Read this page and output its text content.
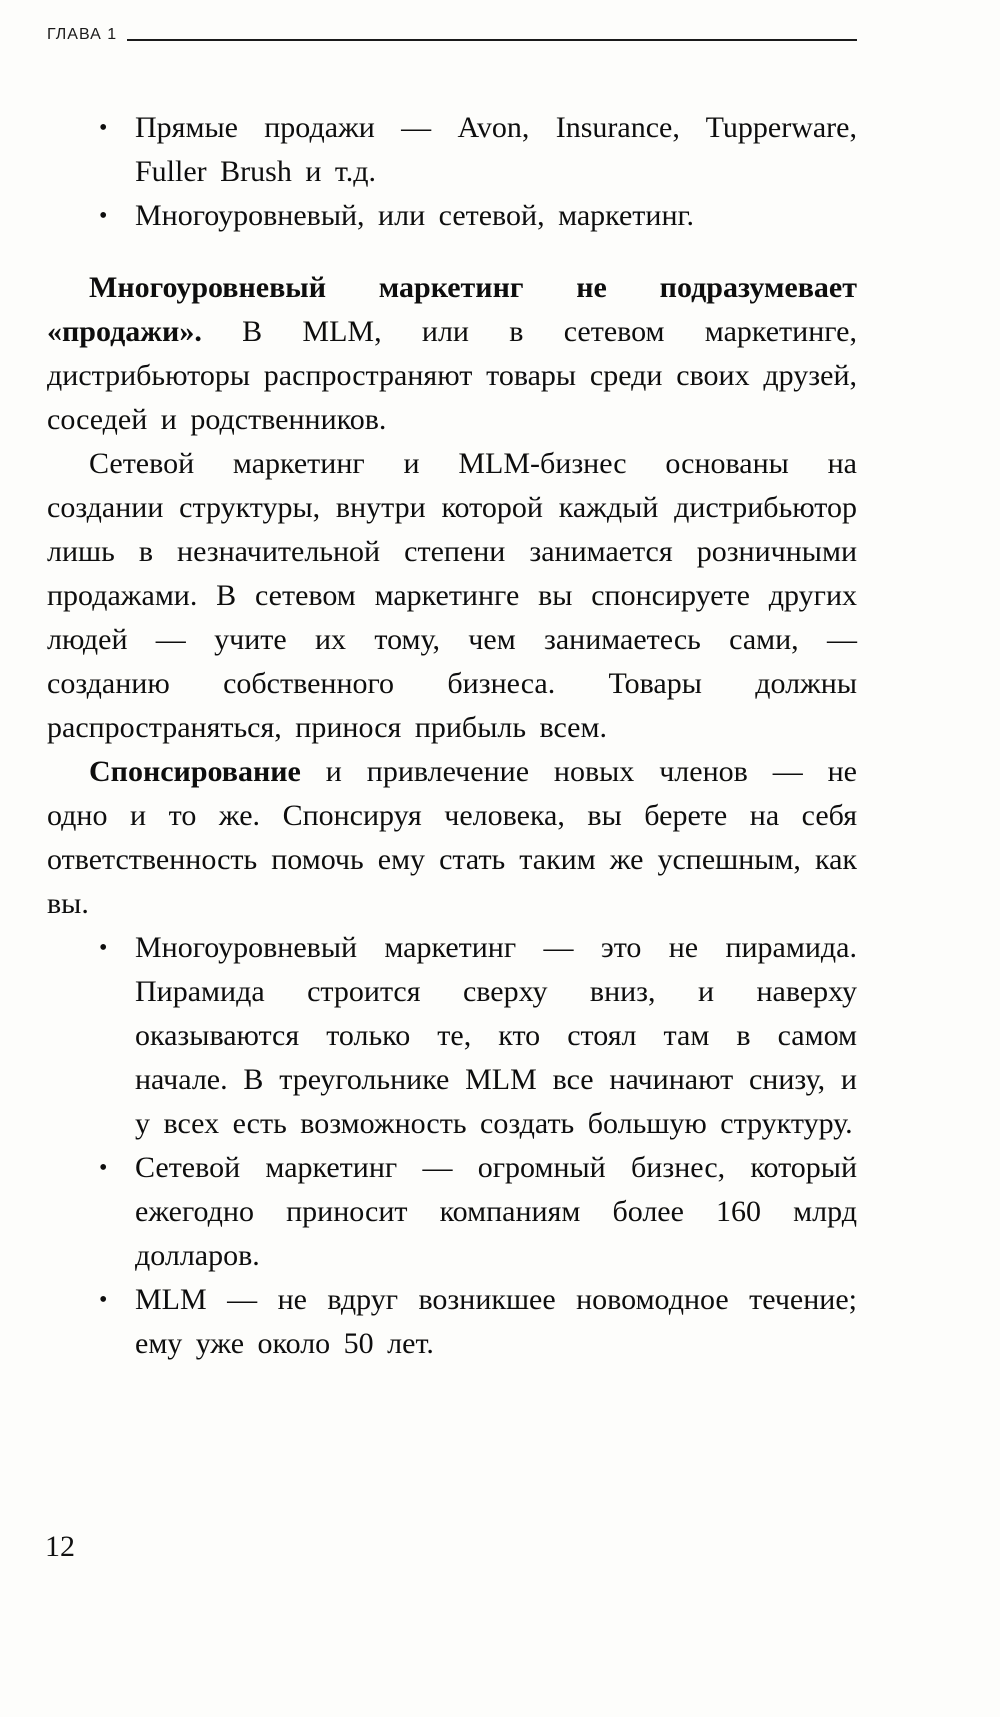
ГЛАВА 1
• Прямые продажи — Avon, Insurance, Tupperware, Fuller Brush и т.д.
• Многоуровневый, или сетевой, маркетинг.

Многоуровневый маркетинг не подразумевает «продажи». В MLM, или в сетевом маркетинге, дистрибьюторы распространяют товары среди своих друзей, соседей и родственников.

Сетевой маркетинг и MLM-бизнес основаны на создании структуры, внутри которой каждый дистрибьютор лишь в незначительной степени занимается розничными продажами. В сетевом маркетинге вы спонсируете других людей — учите их тому, чем занимаетесь сами, — созданию собственного бизнеса. Товары должны распространяться, принося прибыль всем.

Спонсирование и привлечение новых членов — не одно и то же. Спонсируя человека, вы берете на себя ответственность помочь ему стать таким же успешным, как вы.

• Многоуровневый маркетинг — это не пирамида. Пирамида строится сверху вниз, и наверху оказываются только те, кто стоял там в самом начале. В треугольнике MLM все начинают снизу, и у всех есть возможность создать большую структуру.
• Сетевой маркетинг — огромный бизнес, который ежегодно приносит компаниям более 160 млрд долларов.
• MLM — не вдруг возникшее новомодное течение; ему уже около 50 лет.
12
